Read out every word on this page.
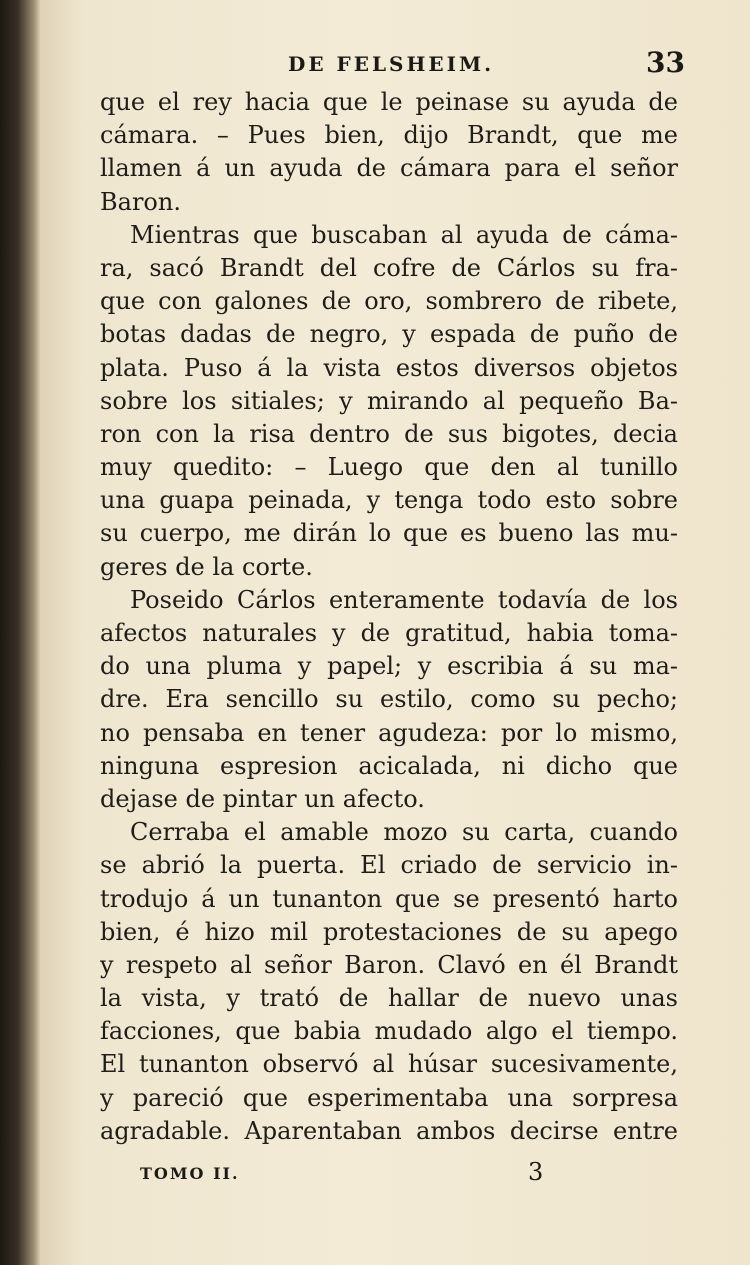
DE FELSHEIM.	33
que el rey hacia que le peinase su ayuda de
cámara. – Pues bien, dijo Brandt, que me
llamen á un ayuda de cámara para el señor
Baron.
Mientras que buscaban al ayuda de cáma-
ra, sacó Brandt del cofre de Cárlos su fra-
que con galones de oro, sombrero de ribete,
botas dadas de negro, y espada de puño de
plata. Puso á la vista estos diversos objetos
sobre los sitiales; y mirando al pequeño Ba-
ron con la risa dentro de sus bigotes, decia
muy quedito: – Luego que den al tunillo
una guapa peinada, y tenga todo esto sobre
su cuerpo, me dirán lo que es bueno las mu-
geres de la corte.
Poseido Cárlos enteramente todavía de los
afectos naturales y de gratitud, habia toma-
do una pluma y papel; y escribia á su ma-
dre. Era sencillo su estilo, como su pecho;
no pensaba en tener agudeza: por lo mismo,
ninguna espresion acicalada, ni dicho que
dejase de pintar un afecto.
Cerraba el amable mozo su carta, cuando
se abrió la puerta. El criado de servicio in-
trodujo á un tunanton que se presentó harto
bien, é hizo mil protestaciones de su apego
y respeto al señor Baron. Clavó en él Brandt
la vista, y trató de hallar de nuevo unas
facciones, que babia mudado algo el tiempo.
El tunanton observó al húsar sucesivamente,
y pareció que esperimentaba una sorpresa
agradable. Aparentaban ambos decirse entre
TOMO II.	3
